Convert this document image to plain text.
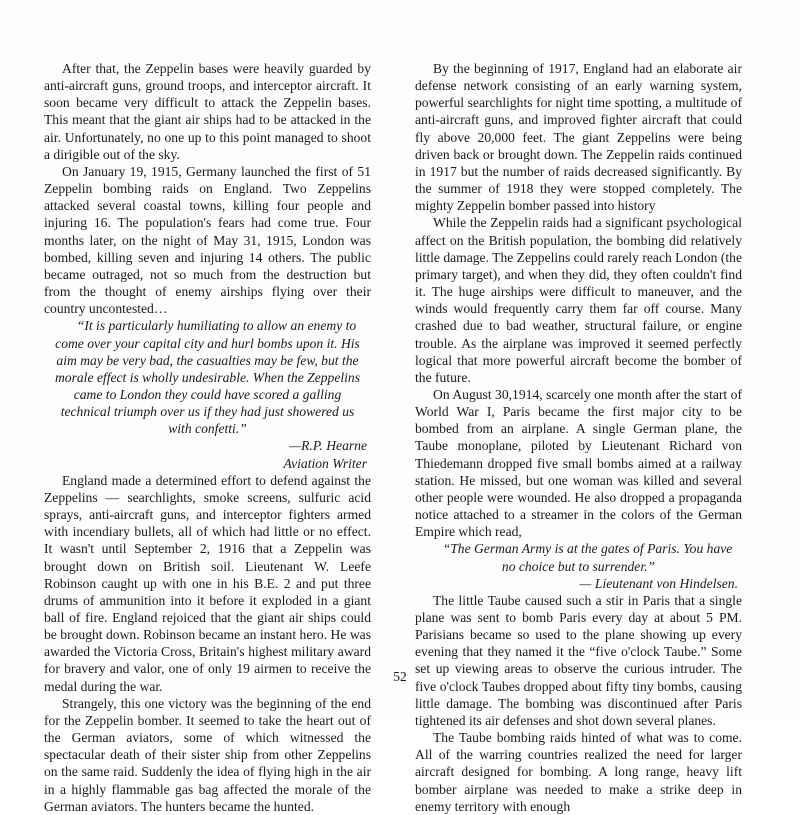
After that, the Zeppelin bases were heavily guarded by anti-aircraft guns, ground troops, and interceptor aircraft. It soon became very difficult to attack the Zeppelin bases. This meant that the giant air ships had to be attacked in the air. Unfortunately, no one up to this point managed to shoot a dirigible out of the sky.

On January 19, 1915, Germany launched the first of 51 Zeppelin bombing raids on England. Two Zeppelins attacked several coastal towns, killing four people and injuring 16. The population's fears had come true. Four months later, on the night of May 31, 1915, London was bombed, killing seven and injuring 14 others. The public became outraged, not so much from the destruction but from the thought of enemy airships flying over their country uncontested…

“It is particularly humiliating to allow an enemy to come over your capital city and hurl bombs upon it. His aim may be very bad, the casualties may be few, but the morale effect is wholly undesirable. When the Zeppelins came to London they could have scored a galling technical triumph over us if they had just showered us with confetti.”

—R.P. Hearne

Aviation Writer

England made a determined effort to defend against the Zeppelins — searchlights, smoke screens, sulfuric acid sprays, anti-aircraft guns, and interceptor fighters armed with incendiary bullets, all of which had little or no effect. It wasn't until September 2, 1916 that a Zeppelin was brought down on British soil. Lieutenant W. Leefe Robinson caught up with one in his B.E. 2 and put three drums of ammunition into it before it exploded in a giant ball of fire. England rejoiced that the giant air ships could be brought down. Robinson became an instant hero. He was awarded the Victoria Cross, Britain's highest military award for bravery and valor, one of only 19 airmen to receive the medal during the war.

Strangely, this one victory was the beginning of the end for the Zeppelin bomber. It seemed to take the heart out of the German aviators, some of which witnessed the spectacular death of their sister ship from other Zeppelins on the same raid. Suddenly the idea of flying high in the air in a highly flammable gas bag affected the morale of the German aviators. The hunters became the hunted.

By the beginning of 1917, England had an elaborate air defense network consisting of an early warning system, powerful searchlights for night time spotting, a multitude of anti-aircraft guns, and improved fighter aircraft that could fly above 20,000 feet. The giant Zeppelins were being driven back or brought down. The Zeppelin raids continued in 1917 but the number of raids decreased significantly. By the summer of 1918 they were stopped completely. The mighty Zeppelin bomber passed into history

While the Zeppelin raids had a significant psychological affect on the British population, the bombing did relatively little damage. The Zeppelins could rarely reach London (the primary target), and when they did, they often couldn't find it. The huge airships were difficult to maneuver, and the winds would frequently carry them far off course. Many crashed due to bad weather, structural failure, or engine trouble. As the airplane was improved it seemed perfectly logical that more powerful aircraft become the bomber of the future.

On August 30,1914, scarcely one month after the start of World War I, Paris became the first major city to be bombed from an airplane. A single German plane, the Taube monoplane, piloted by Lieutenant Richard von Thiedemann dropped five small bombs aimed at a railway station. He missed, but one woman was killed and several other people were wounded. He also dropped a propaganda notice attached to a streamer in the colors of the German Empire which read,

“The German Army is at the gates of Paris. You have no choice but to surrender.”

— Lieutenant von Hindelsen.

The little Taube caused such a stir in Paris that a single plane was sent to bomb Paris every day at about 5 PM. Parisians became so used to the plane showing up every evening that they named it the “five o'clock Taube.” Some set up viewing areas to observe the curious intruder. The five o'clock Taubes dropped about fifty tiny bombs, causing little damage. The bombing was discontinued after Paris tightened its air defenses and shot down several planes.

The Taube bombing raids hinted of what was to come. All of the warring countries realized the need for larger aircraft designed for bombing. A long range, heavy lift bomber airplane was needed to make a strike deep in enemy territory with enough

52
